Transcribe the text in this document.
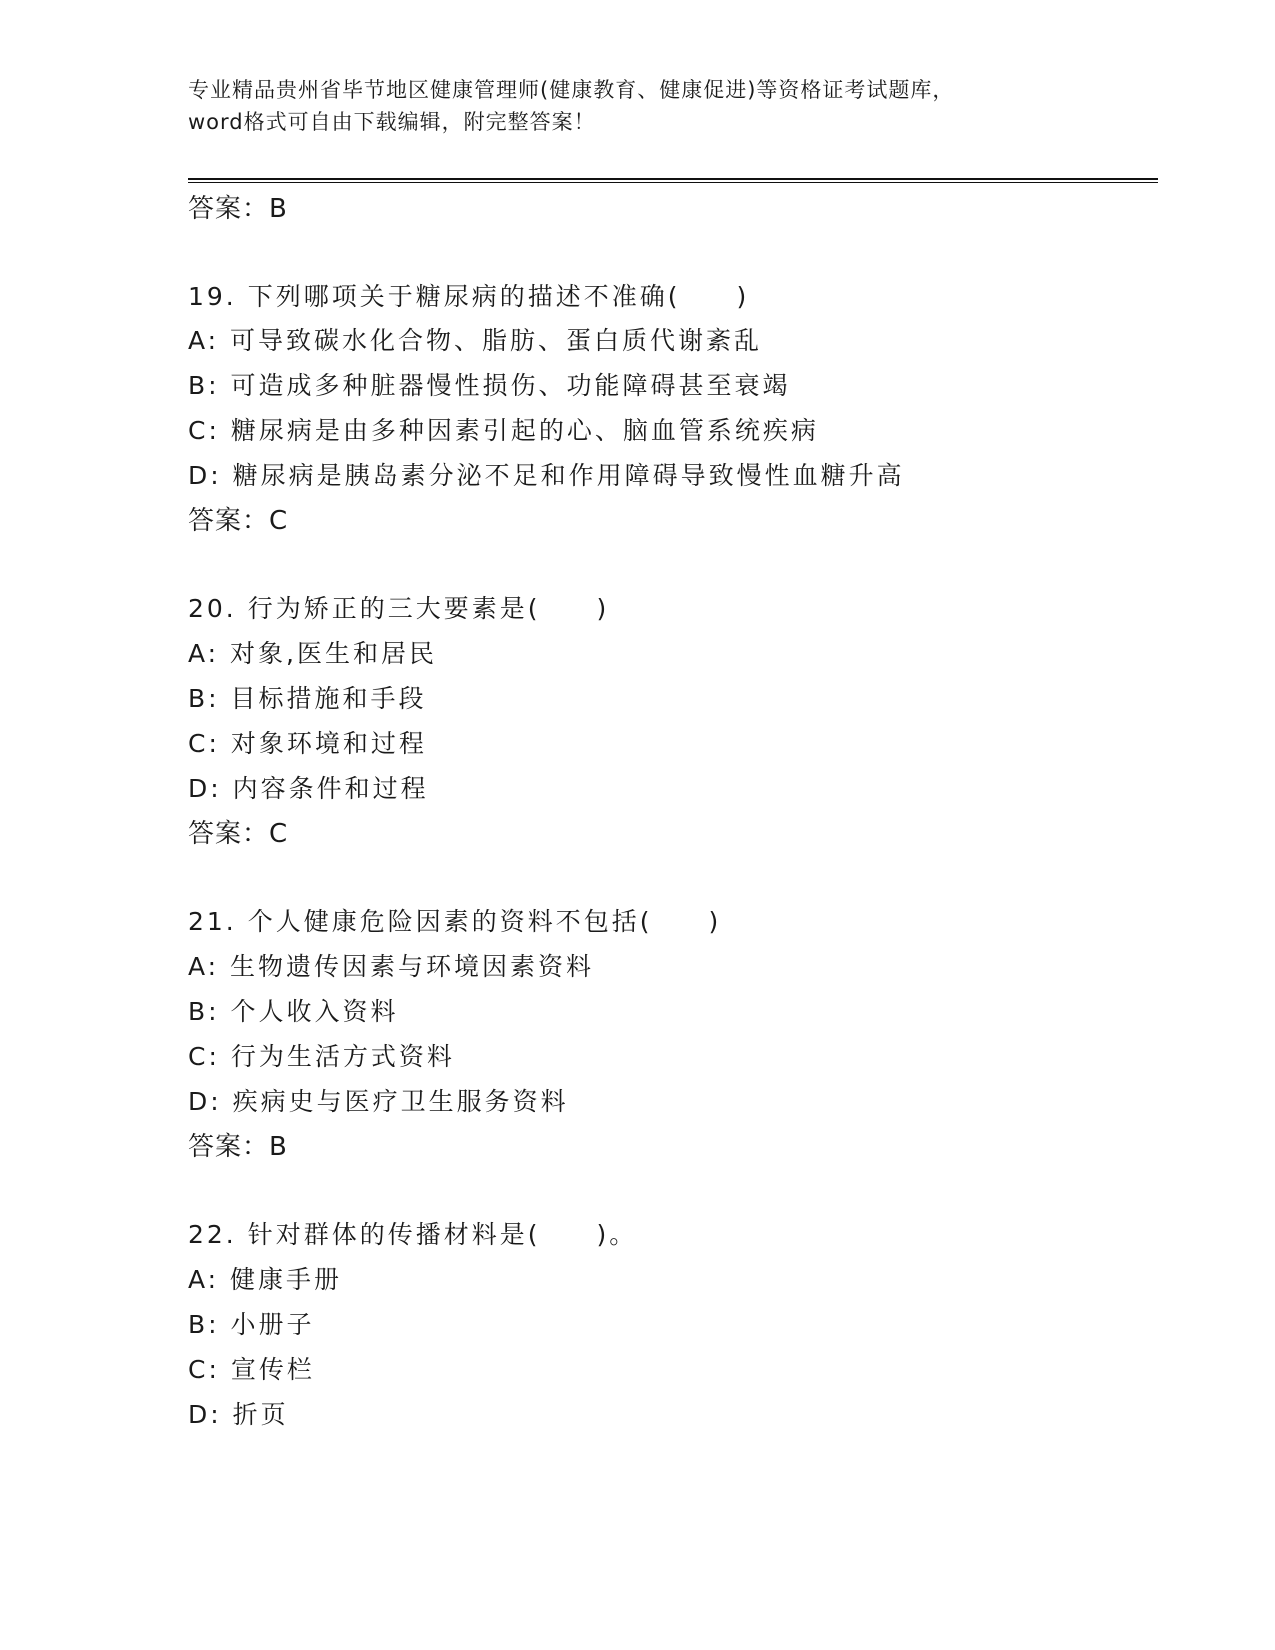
专业精品贵州省毕节地区健康管理师(健康教育、健康促进)等资格证考试题库，
word格式可自由下载编辑，附完整答案！
答案：B
19. 下列哪项关于糖尿病的描述不准确(　　)
A: 可导致碳水化合物、脂肪、蛋白质代谢紊乱
B: 可造成多种脏器慢性损伤、功能障碍甚至衰竭
C: 糖尿病是由多种因素引起的心、脑血管系统疾病
D: 糖尿病是胰岛素分泌不足和作用障碍导致慢性血糖升高
答案：C
20. 行为矫正的三大要素是(　　)
A: 对象,医生和居民
B: 目标措施和手段
C: 对象环境和过程
D: 内容条件和过程
答案：C
21. 个人健康危险因素的资料不包括(　　)
A: 生物遗传因素与环境因素资料
B: 个人收入资料
C: 行为生活方式资料
D: 疾病史与医疗卫生服务资料
答案：B
22. 针对群体的传播材料是(　　)。
A: 健康手册
B: 小册子
C: 宣传栏
D: 折页
